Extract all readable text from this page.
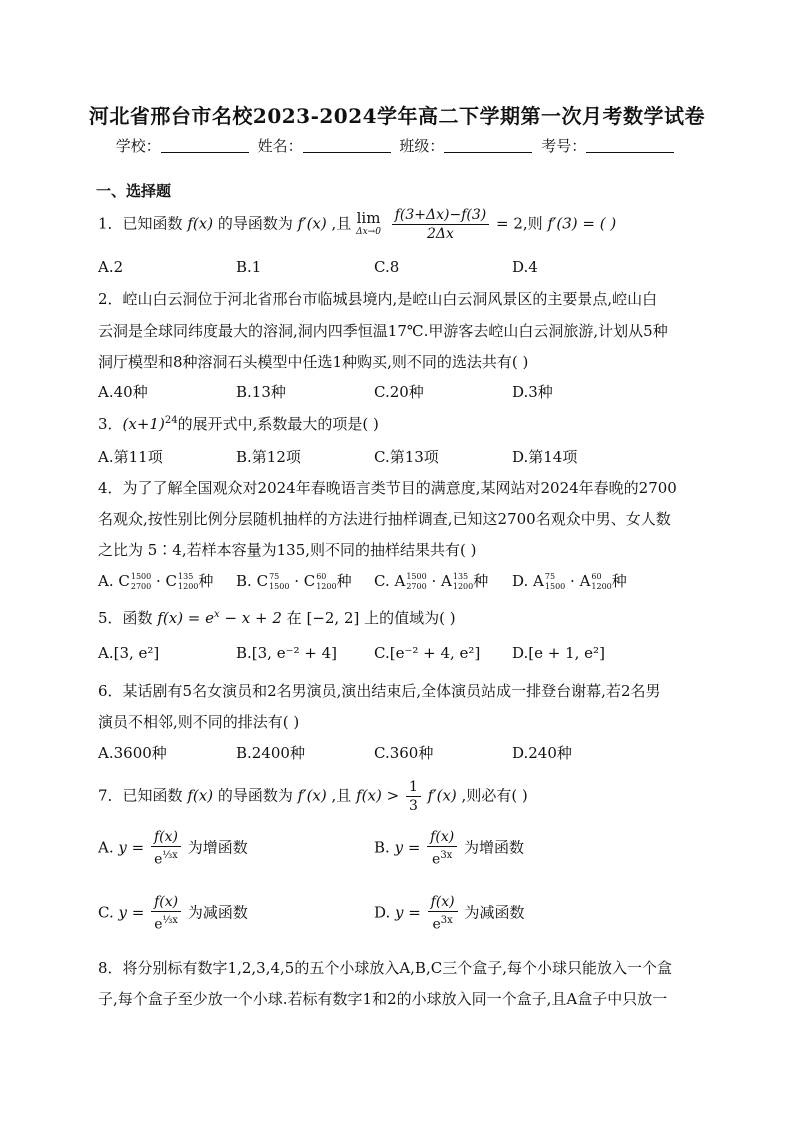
河北省邢台市名校2023-2024学年高二下学期第一次月考数学试卷
学校：	姓名：	班级：	考号：
一、选择题
1．已知函数 f(x) 的导函数为 f′(x) ,且 lim
Δx→0
$\frac{f(3+\Delta x)-f(3)}{2\Delta x} = 2$,则 f′(3) = ( )
A.2	B.1	C.8	D.4
2．崆山白云洞位于河北省邢台市临城县境内,是崆山白云洞风景区的主要景点,崆山白
云洞是全球同纬度最大的溶洞,洞内四季恒温17℃.甲游客去崆山白云洞旅游,计划从5种
洞厅模型和8种溶洞石头模型中任选1种购买,则不同的选法共有( )
A.40种	B.13种	C.20种	D.3种
3．$(x+1)^{24}$的展开式中,系数最大的项是( )
A.第11项	B.第12项	C.第13项	D.第14项
4．为了了解全国观众对2024年春晚语言类节目的满意度,某网站对2024年春晚的2700
名观众,按性别比例分层随机抽样的方法进行抽样调查,已知这2700名观众中男、女人数
之比为 5∶4,若样本容量为135,则不同的抽样结果共有( )
A. C 1500
2700 · C 135
1200 种 B. C 75
1500 · C 60
1200 种 C. A 1500
2700 · A 135
1200 种 D. A 75
1500 · A 60
1200 种
5．函数 $f(x) = e^x - x + 2$ 在 [−2, 2] 上的值域为( )
A.[3, e²]	B.[3, e⁻² + 4] C.[e⁻² + 4, e²] D.[e + 1, e²]
6．某话剧有5名女演员和2名男演员,演出结束后,全体演员站成一排登台谢幕,若2名男
演员不相邻,则不同的排法有( )
A.3600种	B.2400种	C.360种	D.240种
7．已知函数 f(x) 的导函数为 f′(x) ,且 $f(x) > \frac{1}{3} f'(x)$ ,则必有( )
A. $y = \frac{f(x)}{e^{\frac{1}{3}x}}$ 为增函数	B. $y = \frac{f(x)}{e^{3x}}$ 为增函数
C. $y = \frac{f(x)}{e^{\frac{1}{3}x}}$ 为减函数	D. $y = \frac{f(x)}{e^{3x}}$ 为减函数
8．将分别标有数字1,2,3,4,5的五个小球放入A,B,C三个盒子,每个小球只能放入一个盒
子,每个盒子至少放一个小球.若标有数字1和2的小球放入同一个盒子,且A盒子中只放一
